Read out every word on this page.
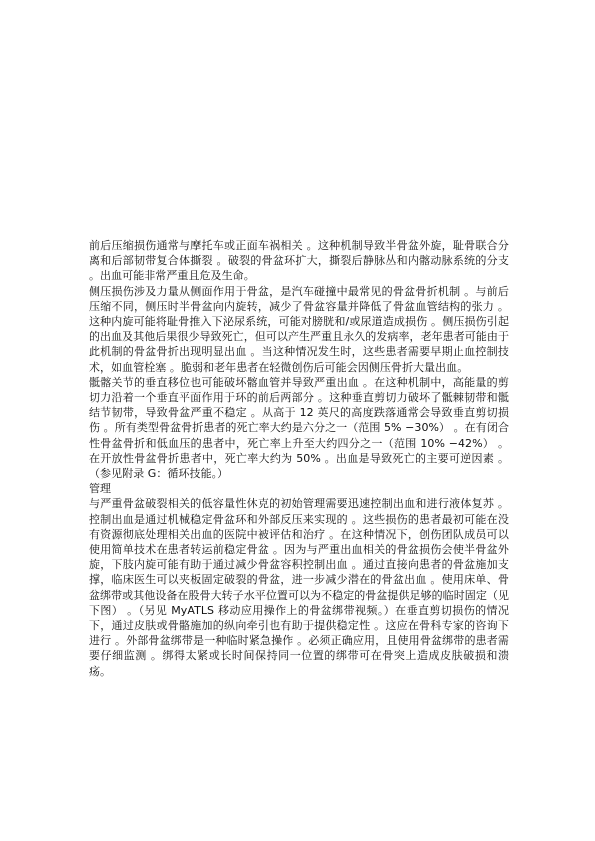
前后压缩损伤通常与摩托车或正面车祸相关 。这种机制导致半骨盆外旋，耻骨联合分离和后部韧带复合体撕裂 。破裂的骨盆环扩大，撕裂后静脉丛和内髂动脉系统的分支 。出血可能非常严重且危及生命。

侧压损伤涉及力量从侧面作用于骨盆，是汽车碰撞中最常见的骨盆骨折机制 。与前后压缩不同，侧压时半骨盆向内旋转，减少了骨盆容量并降低了骨盆血管结构的张力 。这种内旋可能将耻骨推入下泌尿系统，可能对膀胱和/或尿道造成损伤 。侧压损伤引起的出血及其他后果很少导致死亡，但可以产生严重且永久的发病率，老年患者可能由于此机制的骨盆骨折出现明显出血 。当这种情况发生时，这些患者需要早期止血控制技术，如血管栓塞 。脆弱和老年患者在轻微创伤后可能会因侧压骨折大量出血。

骶髂关节的垂直移位也可能破坏髂血管并导致严重出血 。在这种机制中，高能量的剪切力沿着一个垂直平面作用于环的前后两部分 。这种垂直剪切力破坏了骶棘韧带和骶结节韧带，导致骨盆严重不稳定 。从高于 12 英尺的高度跌落通常会导致垂直剪切损伤 。所有类型骨盆骨折患者的死亡率大约是六分之一（范围 5% −30%） 。在有闭合性骨盆骨折和低血压的患者中，死亡率上升至大约四分之一（范围 10% −42%） 。在开放性骨盆骨折患者中，死亡率大约为 50% 。出血是导致死亡的主要可逆因素 。（参见附录 G：循环技能。）

管理

与严重骨盆破裂相关的低容量性休克的初始管理需要迅速控制出血和进行液体复苏 。控制出血是通过机械稳定骨盆环和外部反压来实现的 。这些损伤的患者最初可能在没有资源彻底处理相关出血的医院中被评估和治疗 。在这种情况下，创伤团队成员可以使用简单技术在患者转运前稳定骨盆 。因为与严重出血相关的骨盆损伤会使半骨盆外旋，下肢内旋可能有助于通过减少骨盆容积控制出血 。通过直接向患者的骨盆施加支撑，临床医生可以夹板固定破裂的骨盆，进一步减少潜在的骨盆出血 。使用床单、骨盆绑带或其他设备在股骨大转子水平位置可以为不稳定的骨盆提供足够的临时固定（见下图） 。（另见 MyATLS 移动应用操作上的骨盆绑带视频。）在垂直剪切损伤的情况下，通过皮肤或骨骼施加的纵向牵引也有助于提供稳定性 。这应在骨科专家的咨询下进行 。外部骨盆绑带是一种临时紧急操作 。必须正确应用，且使用骨盆绑带的患者需要仔细监测 。绑得太紧或长时间保持同一位置的绑带可在骨突上造成皮肤破损和溃疡。
